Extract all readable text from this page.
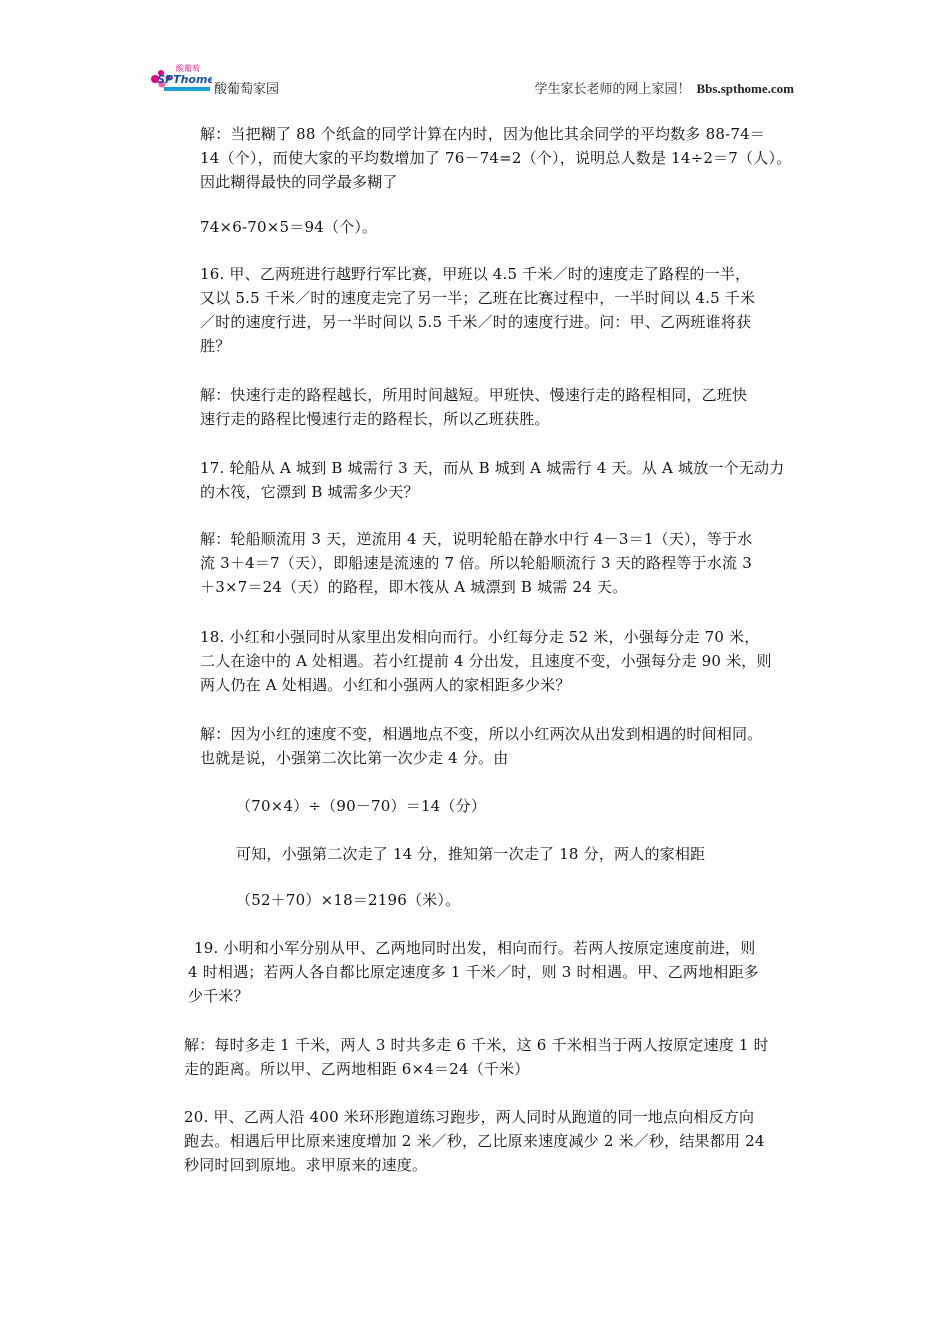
酸葡萄
SPThome
酸葡萄家园	学生家长老师的网上家园！ Bbs.spthome.com
解：当把糊了 88 个纸盒的同学计算在内时，因为他比其余同学的平均数多 88-74＝
14（个），而使大家的平均数增加了 76－74=2（个），说明总人数是 14÷2＝7（人）。
因此糊得最快的同学最多糊了
74×6-70×5＝94（个）。
16. 甲、乙两班进行越野行军比赛，甲班以 4.5 千米／时的速度走了路程的一半，
又以 5.5 千米／时的速度走完了另一半；乙班在比赛过程中，一半时间以 4.5 千米
／时的速度行进，另一半时间以 5.5 千米／时的速度行进。问：甲、乙两班谁将获
胜？
解：快速行走的路程越长，所用时间越短。甲班快、慢速行走的路程相同，乙班快
速行走的路程比慢速行走的路程长，所以乙班获胜。
17. 轮船从 A 城到 B 城需行 3 天，而从 B 城到 A 城需行 4 天。从 A 城放一个无动力
的木筏，它漂到 B 城需多少天？
解：轮船顺流用 3 天，逆流用 4 天，说明轮船在静水中行 4－3＝1（天），等于水
流 3＋4＝7（天），即船速是流速的 7 倍。所以轮船顺流行 3 天的路程等于水流 3
＋3×7＝24（天）的路程，即木筏从 A 城漂到 B 城需 24 天。
18. 小红和小强同时从家里出发相向而行。小红每分走 52 米，小强每分走 70 米，
二人在途中的 A 处相遇。若小红提前 4 分出发，且速度不变，小强每分走 90 米，则
两人仍在 A 处相遇。小红和小强两人的家相距多少米？
解：因为小红的速度不变，相遇地点不变，所以小红两次从出发到相遇的时间相同。
也就是说，小强第二次比第一次少走 4 分。由
（70×4）÷（90－70）＝14（分）
可知，小强第二次走了 14 分，推知第一次走了 18 分，两人的家相距
（52＋70）×18＝2196（米）。
19. 小明和小军分别从甲、乙两地同时出发，相向而行。若两人按原定速度前进，则
4 时相遇；若两人各自都比原定速度多 1 千米／时，则 3 时相遇。甲、乙两地相距多
少千米？
解：每时多走 1 千米，两人 3 时共多走 6 千米，这 6 千米相当于两人按原定速度 1 时
走的距离。所以甲、乙两地相距 6×4＝24（千米）
20. 甲、乙两人沿 400 米环形跑道练习跑步，两人同时从跑道的同一地点向相反方向
跑去。相遇后甲比原来速度增加 2 米／秒，乙比原来速度减少 2 米／秒，结果都用 24
秒同时回到原地。求甲原来的速度。
